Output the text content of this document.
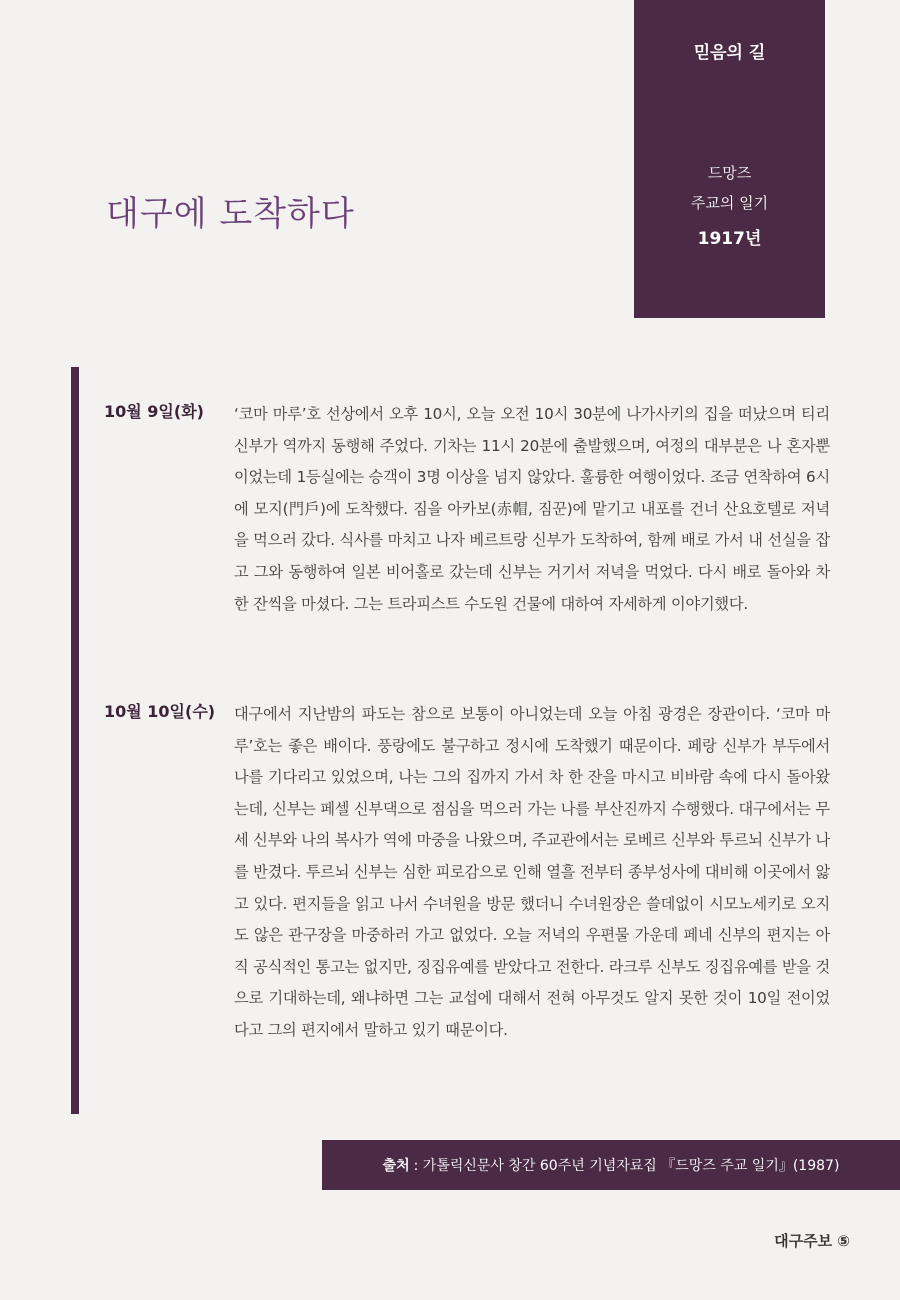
믿음의 길
드망즈
주교의 일기
1917년
대구에 도착하다
10월 9일(화) ‘코마 마루’호 선상에서 오후 10시, 오늘 오전 10시 30분에 나가사키의 집을 떠났으며 티리 신부가 역까지 동행해 주었다. 기차는 11시 20분에 출발했으며, 여정의 대부분은 나 혼자뿐이었는데 1등실에는 승객이 3명 이상을 넘지 않았다. 훌륭한 여행이었다. 조금 연착하여 6시에 모지(門戶)에 도착했다. 짐을 아카보(赤帽, 짐꾼)에 맡기고 내포를 건너 산요호텔로 저녁을 먹으러 갔다. 식사를 마치고 나자 베르트랑 신부가 도착하여, 함께 배로 가서 내 선실을 잡고 그와 동행하여 일본 비어홀로 갔는데 신부는 거기서 저녁을 먹었다. 다시 배로 돌아와 차 한 잔씩을 마셨다. 그는 트라피스트 수도원 건물에 대하여 자세하게 이야기했다.
10월 10일(수) 대구에서 지난밤의 파도는 참으로 보통이 아니었는데 오늘 아침 광경은 장관이다. ‘코마 마루’호는 좋은 배이다. 풍랑에도 불구하고 정시에 도착했기 때문이다. 페랑 신부가 부두에서 나를 기다리고 있었으며, 나는 그의 집까지 가서 차 한 잔을 마시고 비바람 속에 다시 돌아왔는데, 신부는 페셀 신부댁으로 점심을 먹으러 가는 나를 부산진까지 수행했다. 대구에서는 무세 신부와 나의 복사가 역에 마중을 나왔으며, 주교관에서는 로베르 신부와 투르뇌 신부가 나를 반겼다. 투르뇌 신부는 심한 피로감으로 인해 열흘 전부터 종부성사에 대비해 이곳에서 앓고 있다. 편지들을 읽고 나서 수녀원을 방문 했더니 수녀원장은 쓸데없이 시모노세키로 오지도 않은 관구장을 마중하러 가고 없었다. 오늘 저녁의 우편물 가운데 페네 신부의 편지는 아직 공식적인 통고는 없지만, 징집유예를 받았다고 전한다. 라크루 신부도 징집유예를 받을 것으로 기대하는데, 왜냐하면 그는 교섭에 대해서 전혀 아무것도 알지 못한 것이 10일 전이었다고 그의 편지에서 말하고 있기 때문이다.
출처 : 가톨릭신문사 창간 60주년 기념자료집 『드망즈 주교 일기』(1987)
대구주보 ⑤
